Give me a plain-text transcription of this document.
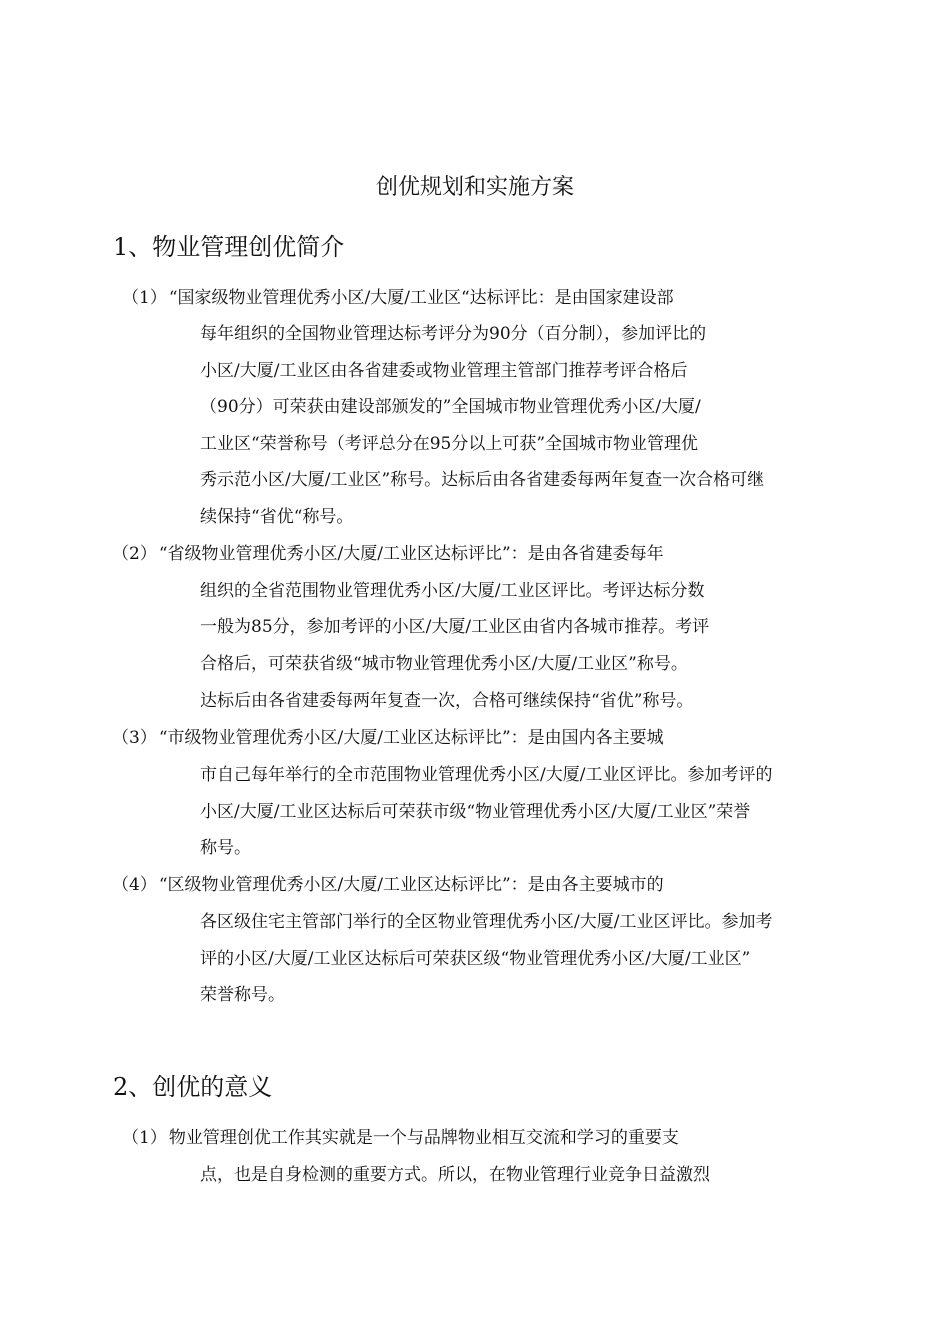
创优规划和实施方案
1、物业管理创优简介
（1） “国家级物业管理优秀小区/大厦/工业区“达标评比：是由国家建设部
每年组织的全国物业管理达标考评分为90分（百分制），参加评比的
小区/大厦/工业区由各省建委或物业管理主管部门推荐考评合格后
（90分）可荣获由建设部颁发的”全国城市物业管理优秀小区/大厦/
工业区“荣誉称号（考评总分在95分以上可获”全国城市物业管理优
秀示范小区/大厦/工业区”称号。达标后由各省建委每两年复查一次合格可继
续保持“省优“称号。
（2） “省级物业管理优秀小区/大厦/工业区达标评比”：是由各省建委每年
组织的全省范围物业管理优秀小区/大厦/工业区评比。考评达标分数
一般为85分，参加考评的小区/大厦/工业区由省内各城市推荐。考评
合格后，可荣获省级“城市物业管理优秀小区/大厦/工业区”称号。
达标后由各省建委每两年复查一次，合格可继续保持“省优”称号。
（3） “市级物业管理优秀小区/大厦/工业区达标评比”：是由国内各主要城
市自己每年举行的全市范围物业管理优秀小区/大厦/工业区评比。参加考评的
小区/大厦/工业区达标后可荣获市级“物业管理优秀小区/大厦/工业区”荣誉
称号。
（4） “区级物业管理优秀小区/大厦/工业区达标评比”：是由各主要城市的
各区级住宅主管部门举行的全区物业管理优秀小区/大厦/工业区评比。参加考
评的小区/大厦/工业区达标后可荣获区级“物业管理优秀小区/大厦/工业区”
荣誉称号。
2、创优的意义
（1） 物业管理创优工作其实就是一个与品牌物业相互交流和学习的重要支
点，也是自身检测的重要方式。所以，在物业管理行业竞争日益激烈
